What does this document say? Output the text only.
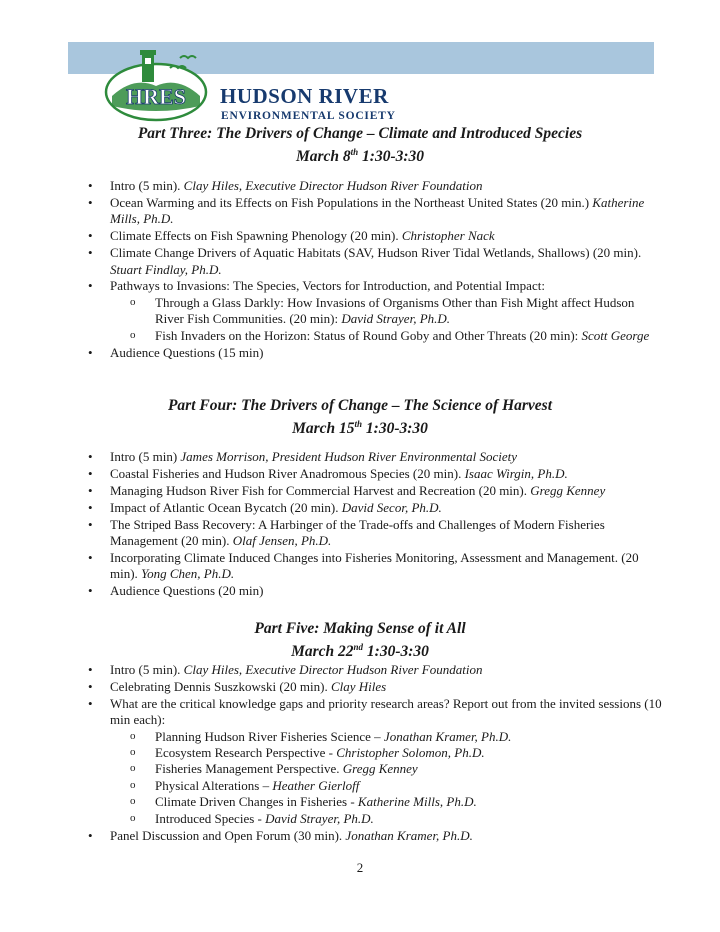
HRES HUDSON RIVER
ENVIRONMENTAL SOCIETY
Part Three: The Drivers of Change – Climate and Introduced Species
March 8th 1:30-3:30
• Intro (5 min). Clay Hiles, Executive Director Hudson River Foundation
• Ocean Warming and its Effects on Fish Populations in the Northeast United States (20 min.) Katherine Mills, Ph.D.
• Climate Effects on Fish Spawning Phenology (20 min). Christopher Nack
• Climate Change Drivers of Aquatic Habitats (SAV, Hudson River Tidal Wetlands, Shallows) (20 min). Stuart Findlay, Ph.D.
• Pathways to Invasions: The Species, Vectors for Introduction, and Potential Impact:
o Through a Glass Darkly: How Invasions of Organisms Other than Fish Might affect Hudson River Fish Communities. (20 min): David Strayer, Ph.D.
o Fish Invaders on the Horizon: Status of Round Goby and Other Threats (20 min): Scott George
• Audience Questions (15 min)
Part Four: The Drivers of Change – The Science of Harvest
March 15th 1:30-3:30
• Intro (5 min) James Morrison, President Hudson River Environmental Society
• Coastal Fisheries and Hudson River Anadromous Species (20 min). Isaac Wirgin, Ph.D.
• Managing Hudson River Fish for Commercial Harvest and Recreation (20 min). Gregg Kenney
• Impact of Atlantic Ocean Bycatch (20 min). David Secor, Ph.D.
• The Striped Bass Recovery: A Harbinger of the Trade-offs and Challenges of Modern Fisheries Management (20 min). Olaf Jensen, Ph.D.
• Incorporating Climate Induced Changes into Fisheries Monitoring, Assessment and Management. (20 min). Yong Chen, Ph.D.
• Audience Questions (20 min)
Part Five: Making Sense of it All
March 22nd 1:30-3:30
• Intro (5 min). Clay Hiles, Executive Director Hudson River Foundation
• Celebrating Dennis Suszkowski (20 min). Clay Hiles
• What are the critical knowledge gaps and priority research areas? Report out from the invited sessions (10 min each):
o Planning Hudson River Fisheries Science – Jonathan Kramer, Ph.D.
o Ecosystem Research Perspective - Christopher Solomon, Ph.D.
o Fisheries Management Perspective. Gregg Kenney
o Physical Alterations – Heather Gierloff
o Climate Driven Changes in Fisheries - Katherine Mills, Ph.D.
o Introduced Species - David Strayer, Ph.D.
• Panel Discussion and Open Forum (30 min). Jonathan Kramer, Ph.D.
2
